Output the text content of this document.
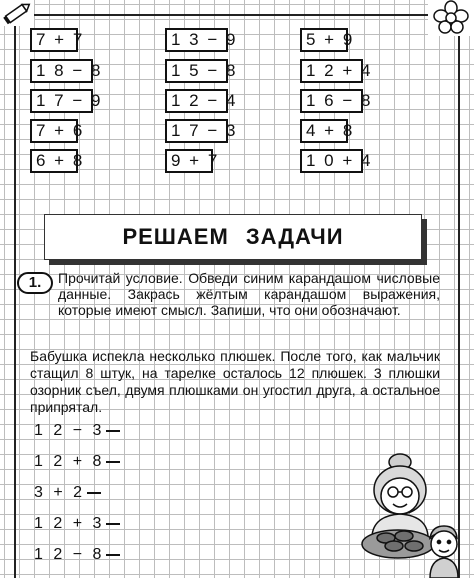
7 + 7
1 8 − 8
1 7 − 9
7 + 6
6 + 8
1 3 − 9
1 5 − 8
1 2 − 4
1 7 − 3
9 + 7
5 + 9
1 2 + 4
1 6 − 8
4 + 8
1 0 + 4
РЕШАЕМ ЗАДАЧИ
1.	Прочитай условие. Обведи синим карандашом числовые данные. Закрась жёлтым карандашом выражения, которые имеют смысл. Запиши, что они обозначают.
Бабушка испекла несколько плюшек. После того, как мальчик стащил 8 штук, на тарелке осталось 12 плюшек. 3 плюшки озорник съел, двумя плюшками он угостил друга, а остальное припрятал.
1 2 − 3
1 2 + 8
3 + 2
1 2 + 3
1 2 − 8
